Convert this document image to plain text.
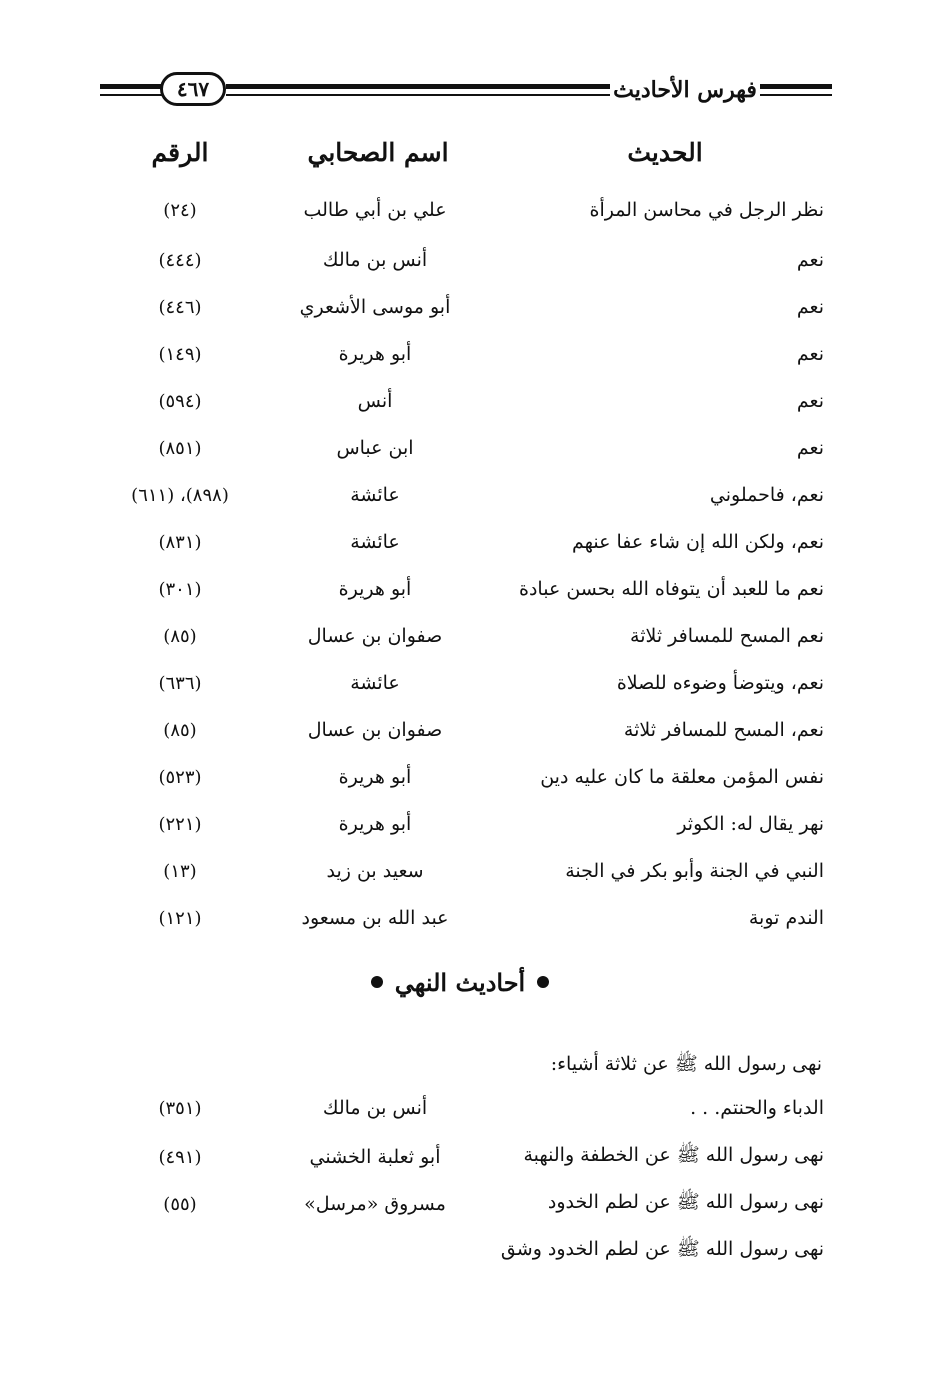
٤٦٧	فهرس الأحاديث
الحديث
اسم الصحابي
الرقم
نظر الرجل في محاسن المرأة
علي بن أبي طالب
(٢٤)
نعم
أنس بن مالك
(٤٤٤)
نعم
أبو موسى الأشعري
(٤٤٦)
نعم
أبو هريرة
(١٤٩)
نعم
أنس
(٥٩٤)
نعم
ابن عباس
(٨٥١)
نعم، فاحملوني
عائشة
(٨٩٨)، (٦١١)
نعم، ولكن الله إن شاء عفا عنهم
عائشة
(٨٣١)
نعم ما للعبد أن يتوفاه الله بحسن عبادة
أبو هريرة
(٣٠١)
نعم المسح للمسافر ثلاثة
صفوان بن عسال
(٨٥)
نعم، ويتوضأ وضوءه للصلاة
عائشة
(٦٣٦)
نعم، المسح للمسافر ثلاثة
صفوان بن عسال
(٨٥)
نفس المؤمن معلقة ما كان عليه دين
أبو هريرة
(٥٢٣)
نهر يقال له: الكوثر
أبو هريرة
(٢٢١)
النبي في الجنة وأبو بكر في الجنة
سعيد بن زيد
(١٣)
الندم توبة
عبد الله بن مسعود
(١٢١)
أحاديث النهي
نهى رسول الله ﷺ عن ثلاثة أشياء:
الدباء والحنتم. . .
أنس بن مالك
(٣٥١)
نهى رسول الله ﷺ عن الخطفة والنهبة
أبو ثعلبة الخشني
(٤٩١)
نهى رسول الله ﷺ عن لطم الخدود
مسروق «مرسل»
(٥٥)
نهى رسول الله ﷺ عن لطم الخدود وشق
